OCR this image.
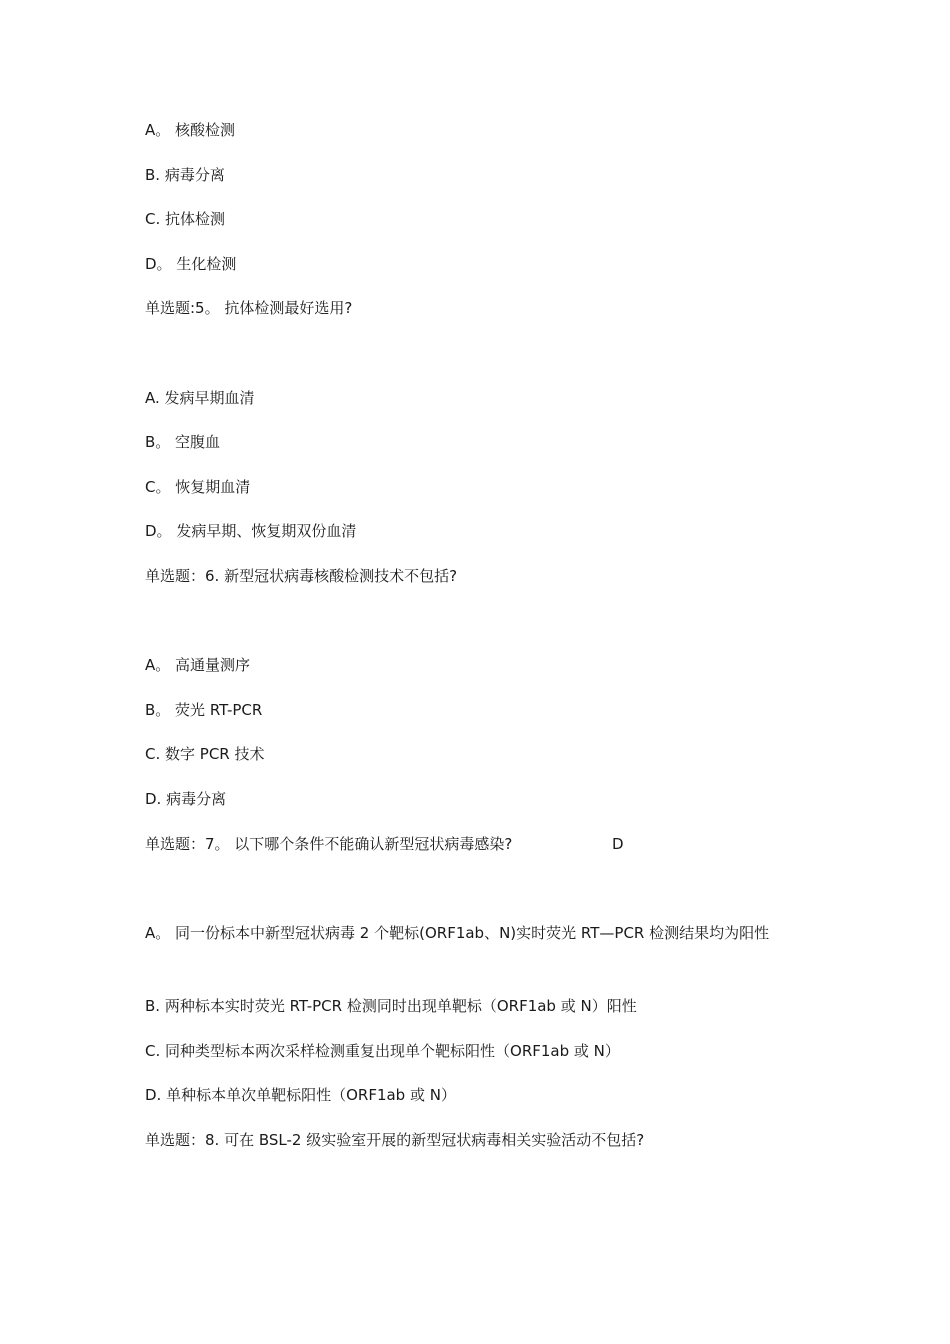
A。 核酸检测
B. 病毒分离
C. 抗体检测
D。 生化检测
单选题:5。 抗体检测最好选用?
A. 发病早期血清
B。 空腹血
C。 恢复期血清
D。 发病早期、恢复期双份血清
单选题：6. 新型冠状病毒核酸检测技术不包括?
A。 高通量测序
B。 荧光 RT-PCR
C. 数字 PCR 技术
D. 病毒分离
单选题：7。 以下哪个条件不能确认新型冠状病毒感染?	D
A。 同一份标本中新型冠状病毒 2 个靶标(ORF1ab、N)实时荧光 RT—PCR 检测结果均为阳性
B. 两种标本实时荧光 RT-PCR 检测同时出现单靶标（ORF1ab 或 N）阳性
C. 同种类型标本两次采样检测重复出现单个靶标阳性（ORF1ab 或 N）
D. 单种标本单次单靶标阳性（ORF1ab 或 N）
单选题：8. 可在 BSL-2 级实验室开展的新型冠状病毒相关实验活动不包括?
